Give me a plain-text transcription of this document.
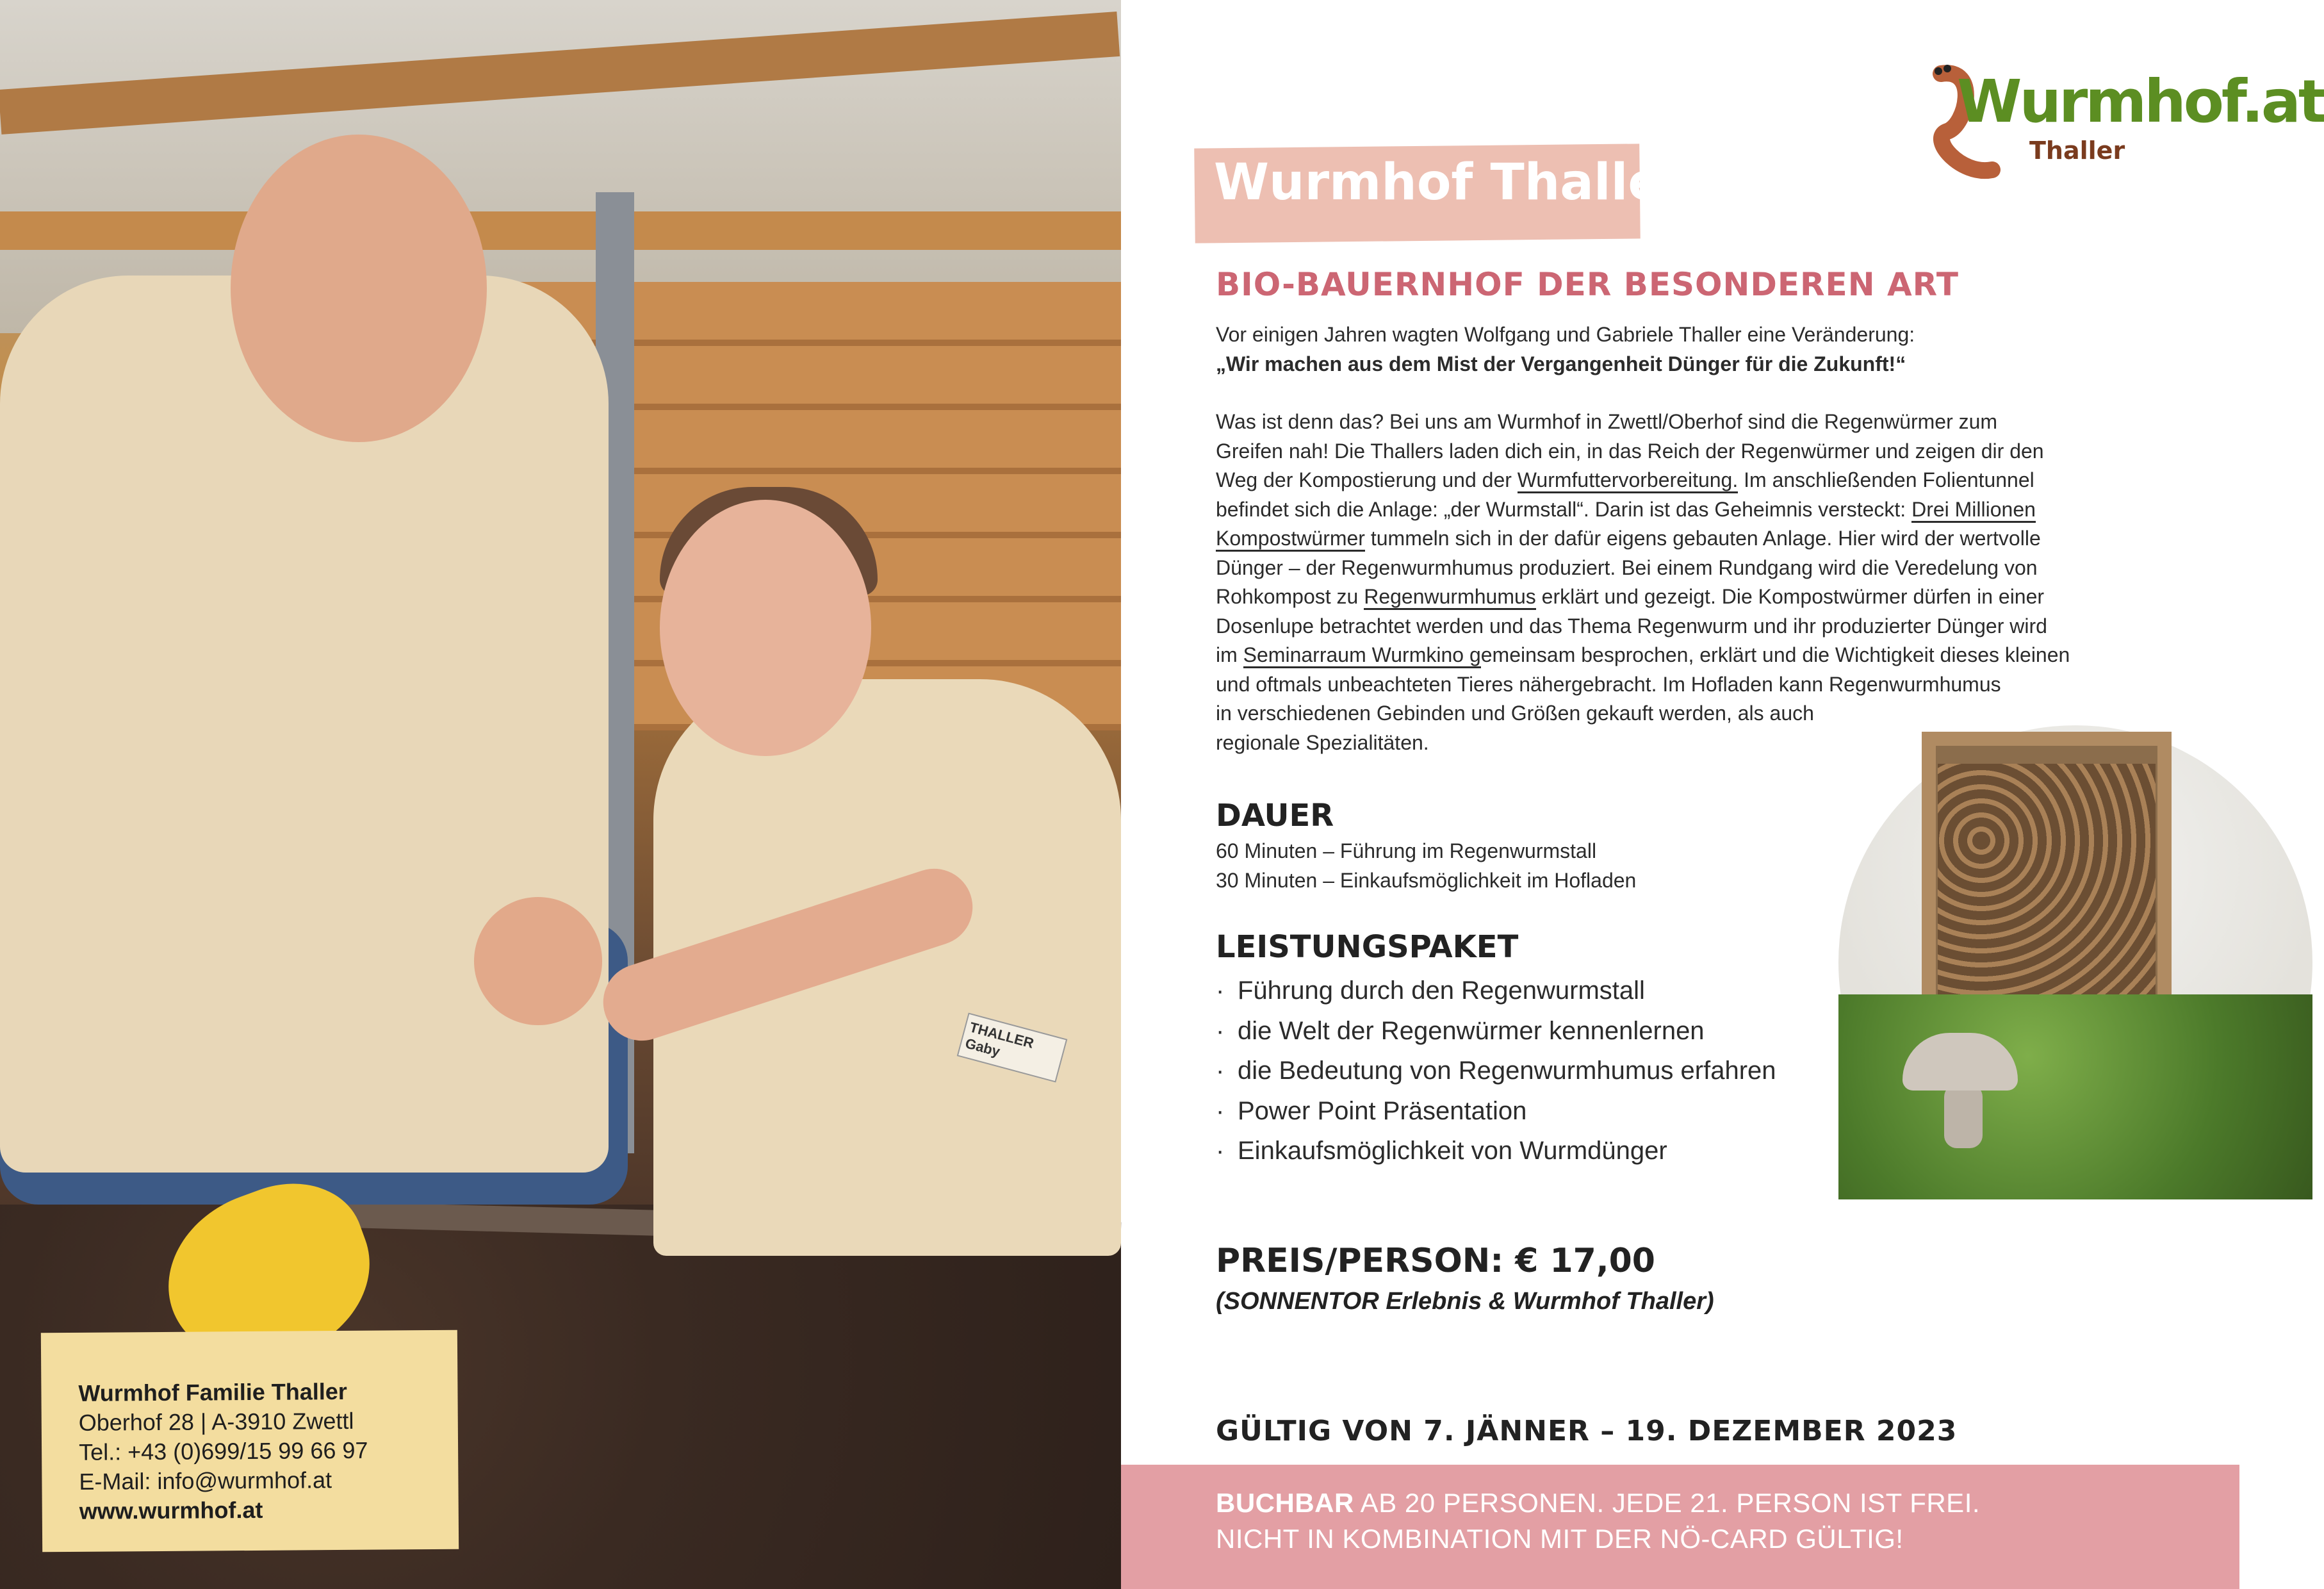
THALLER Gaby
Wurmhof Familie Thaller
Oberhof 28 | A-3910 Zwettl
Tel.: +43 (0)699/15 99 66 97
E-Mail: info@wurmhof.at
www.wurmhof.at
Wurmhof.at
Thaller
Wurmhof Thaller
BIO-BAUERNHOF DER BESONDEREN ART

Vor einigen Jahren wagten Wolfgang und Gabriele Thaller eine Veränderung:

„Wir machen aus dem Mist der Vergangenheit Dünger für die Zukunft!“

Was ist denn das? Bei uns am Wurmhof in Zwettl/Oberhof sind die Regenwürmer zum

Greifen nah! Die Thallers laden dich ein, in das Reich der Regenwürmer und zeigen dir den

Weg der Kompostierung und der Wurmfuttervorbereitung. Im anschließenden Folientunnel

befindet sich die Anlage: „der Wurmstall“. Darin ist das Geheimnis versteckt: Drei Millionen

Kompostwürmer tummeln sich in der dafür eigens gebauten Anlage. Hier wird der wertvolle

Dünger – der Regenwurmhumus produziert. Bei einem Rundgang wird die Veredelung von

Rohkompost zu Regenwurmhumus erklärt und gezeigt. Die Kompostwürmer dürfen in einer

Dosenlupe betrachtet werden und das Thema Regenwurm und ihr produzierter Dünger wird

im Seminarraum Wurmkino gemeinsam besprochen, erklärt und die Wichtigkeit dieses kleinen

und oftmals unbeachteten Tieres nähergebracht. Im Hofladen kann Regenwurmhumus

in verschiedenen Gebinden und Größen gekauft werden, als auch

regionale Spezialitäten.

DAUER
60 Minuten – Führung im Regenwurmstall
30 Minuten – Einkaufsmöglichkeit im Hofladen
LEISTUNGSPAKET
· Führung durch den Regenwurmstall
· die Welt der Regenwürmer kennenlernen
· die Bedeutung von Regenwurmhumus erfahren
· Power Point Präsentation
· Einkaufsmöglichkeit von Wurmdünger
PREIS/PERSON: € 17,00
(SONNENTOR Erlebnis & Wurmhof Thaller)
GÜLTIG VON 7. JÄNNER – 19. DEZEMBER 2023
BUCHBAR AB 20 PERSONEN. JEDE 21. PERSON IST FREI.
NICHT IN KOMBINATION MIT DER NÖ-CARD GÜLTIG!
